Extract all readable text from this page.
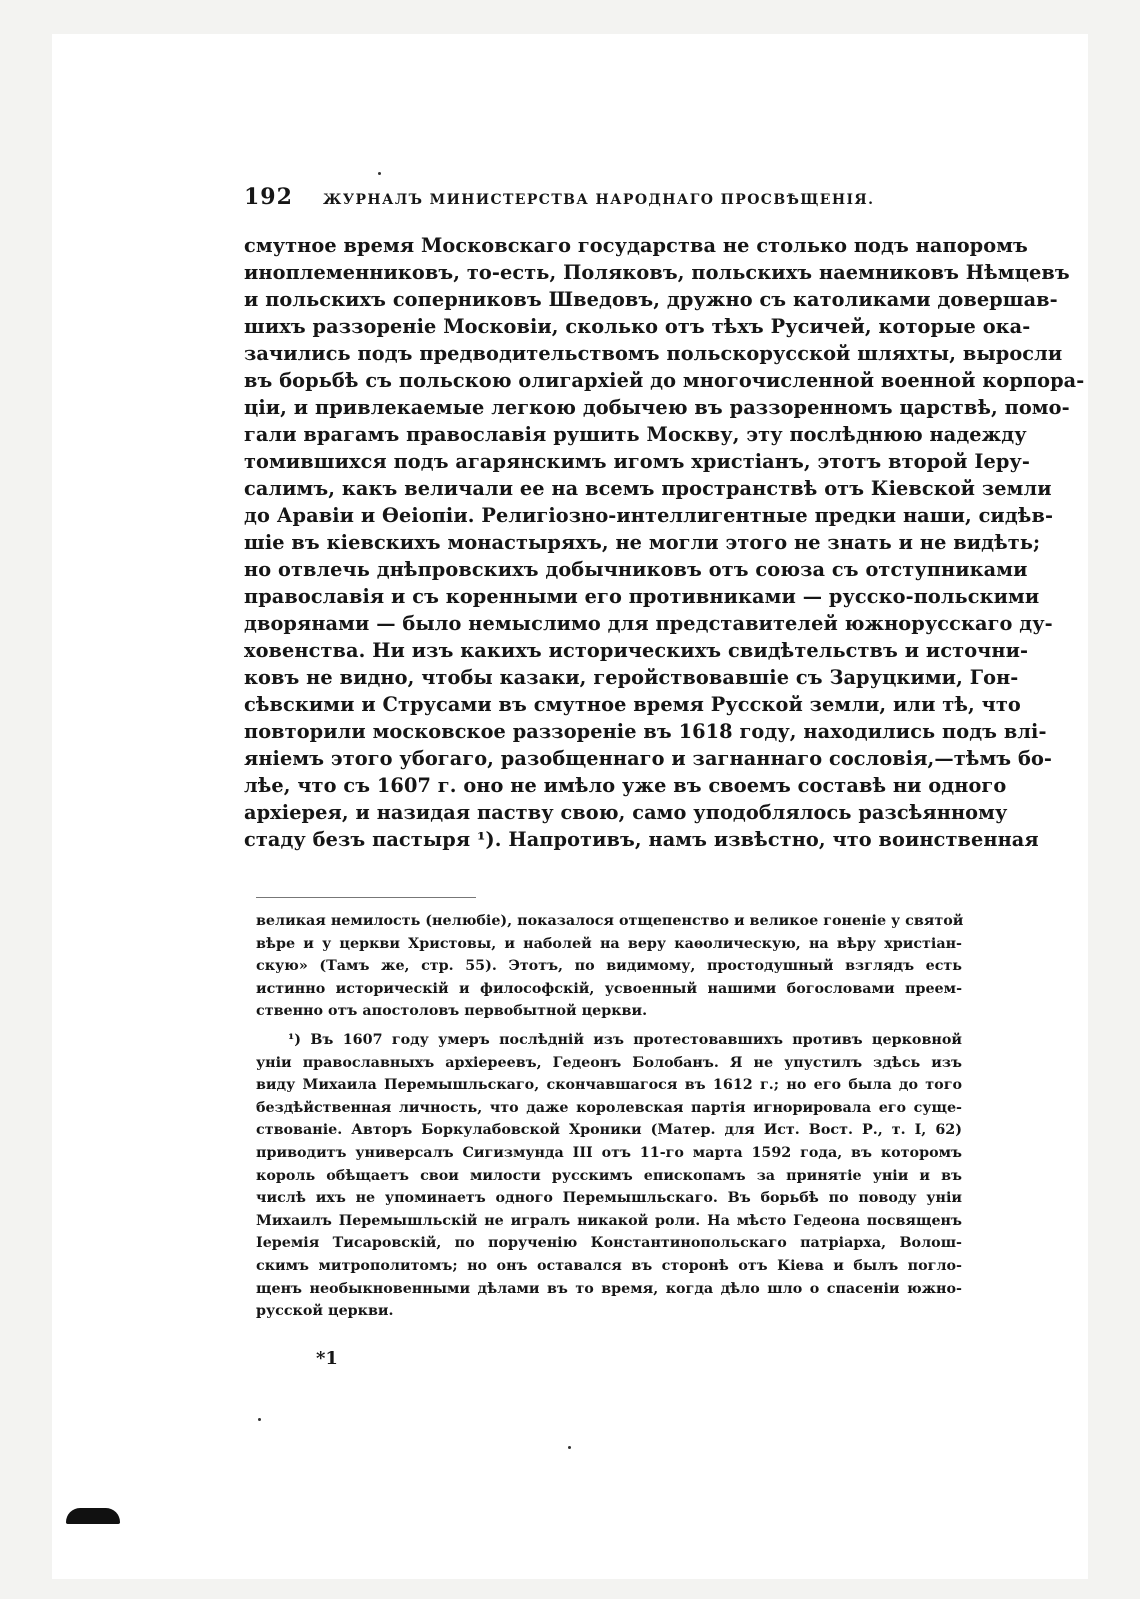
192 ЖУРНАЛЪ МИНИСТЕРСТВА НАРОДНАГО ПРОСВѢЩЕНІЯ.
смутное время Московскаго государства не столько подъ напоромъ
иноплеменниковъ, то-есть, Поляковъ, польскихъ наемниковъ Нѣмцевъ
и польскихъ соперниковъ Шведовъ, дружно съ католиками довершав-
шихъ раззореніе Московіи, сколько отъ тѣхъ Русичей, которые ока-
зачились подъ предводительствомъ польскорусской шляхты, выросли
въ борьбѣ съ польскою олигархіей до многочисленной военной корпора-
ціи, и привлекаемые легкою добычею въ раззоренномъ царствѣ, помо-
гали врагамъ православія рушить Москву, эту послѣднюю надежду
томившихся подъ агарянскимъ игомъ христіанъ, этотъ второй Іеру-
салимъ, какъ величали ее на всемъ пространствѣ отъ Кіевской земли
до Аравіи и Ѳеіопіи. Религіозно-интеллигентные предки наши, сидѣв-
шіе въ кіевскихъ монастыряхъ, не могли этого не знать и не видѣть;
но отвлечь днѣпровскихъ добычниковъ отъ союза съ отступниками
православія и съ коренными его противниками — русско-польскими
дворянами — было немыслимо для представителей южнорусскаго ду-
ховенства. Ни изъ какихъ историческихъ свидѣтельствъ и источни-
ковъ не видно, чтобы казаки, геройствовавшіе съ Заруцкими, Гон-
сѣвскими и Струсами въ смутное время Русской земли, или тѣ, что
повторили московское раззореніе въ 1618 году, находились подъ влі-
яніемъ этого убогаго, разобщеннаго и загнаннаго сословія,—тѣмъ бо-
лѣе, что съ 1607 г. оно не имѣло уже въ своемъ составѣ ни одного
архіерея, и назидая паству свою, само уподоблялось разсѣянному
стаду безъ пастыря ¹). Напротивъ, намъ извѣстно, что воинственная
великая немилость (нелюбіе), показалося отщепенство и великое гоненіе у святой
вѣре и у церкви Христовы, и наболей на веру каѳолическую, на вѣру христіан-
скую» (Тамъ же, стр. 55). Этотъ, по видимому, простодушный взглядъ есть
истинно историческій и философскій, усвоенный нашими богословами преем-
ственно отъ апостоловъ первобытной церкви.
¹) Въ 1607 году умеръ послѣдній изъ протестовавшихъ противъ церковной
уніи православныхъ архіереевъ, Гедеонъ Болобанъ. Я не упустилъ здѣсь изъ
виду Михаила Перемышльскаго, скончавшагося въ 1612 г.; но его была до того
бездѣйственная личность, что даже королевская партія игнорировала его суще-
ствованіе. Авторъ Боркулабовской Хроники (Матер. для Ист. Вост. Р., т. I, 62)
приводитъ универсалъ Сигизмунда III отъ 11-го марта 1592 года, въ которомъ
король обѣщаетъ свои милости русскимъ епископамъ за принятіе уніи и въ
числѣ ихъ не упоминаетъ одного Перемышльскаго. Въ борьбѣ по поводу уніи
Михаилъ Перемышльскій не игралъ никакой роли. На мѣсто Гедеона посвященъ
Іеремія Тисаровскій, по порученію Константинопольскаго патріарха, Волош-
скимъ митрополитомъ; но онъ оставался въ сторонѣ отъ Кіева и былъ погло-
щенъ необыкновенными дѣлами въ то время, когда дѣло шло о спасеніи южно-
русской церкви.
*1
